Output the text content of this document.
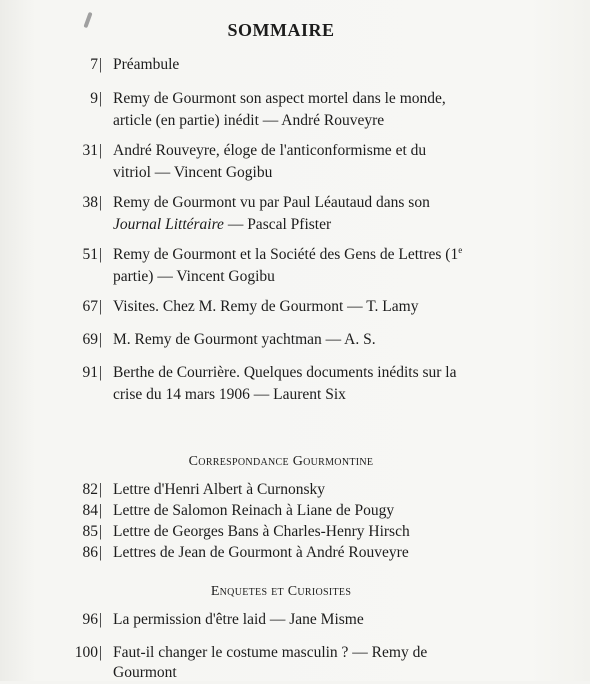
SOMMAIRE
7 | Préambule
9 | Remy de Gourmont son aspect mortel dans le monde,
article (en partie) inédit — André Rouveyre
31 | André Rouveyre, éloge de l'anticonformisme et du
vitriol — Vincent Gogibu
38 | Remy de Gourmont vu par Paul Léautaud dans son
Journal Littéraire — Pascal Pfister
51 | Remy de Gourmont et la Société des Gens de Lettres (1e
partie) — Vincent Gogibu
67 | Visites. Chez M. Remy de Gourmont — T. Lamy
69 | M. Remy de Gourmont yachtman — A. S.
91 | Berthe de Courrière. Quelques documents inédits sur la
crise du 14 mars 1906 — Laurent Six
Correspondance Gourmontine
82 | Lettre d'Henri Albert à Curnonsky
84 | Lettre de Salomon Reinach à Liane de Pougy
85 | Lettre de Georges Bans à Charles-Henry Hirsch
86 | Lettres de Jean de Gourmont à André Rouveyre
Enquetes et Curiosites
96 | La permission d'être laid — Jane Misme
100 | Faut-il changer le costume masculin ? — Remy de
Gourmont
